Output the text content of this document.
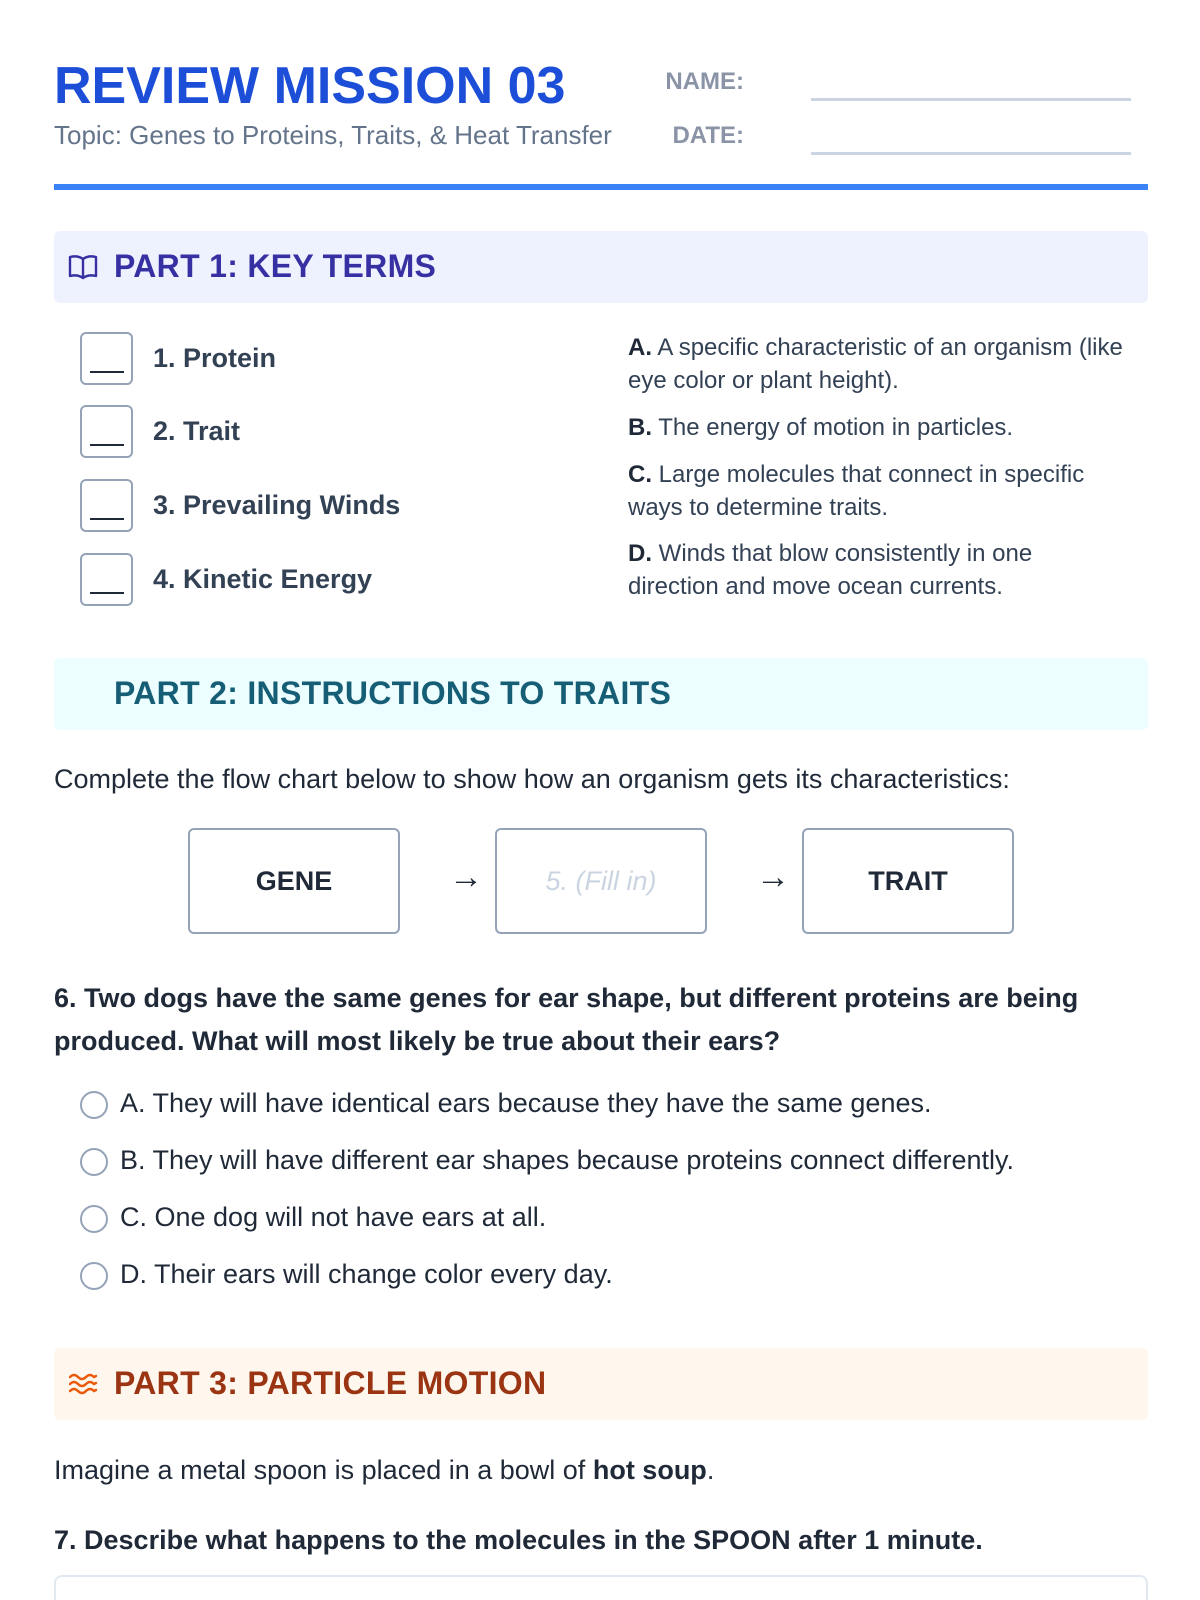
REVIEW MISSION 03
Topic: Genes to Proteins, Traits, & Heat Transfer
NAME:
DATE:
PART 1: KEY TERMS
1. Protein
2. Trait
3. Prevailing Winds
4. Kinetic Energy
A. A specific characteristic of an organism (like eye color or plant height).
B. The energy of motion in particles.
C. Large molecules that connect in specific ways to determine traits.
D. Winds that blow consistently in one direction and move ocean currents.
PART 2: INSTRUCTIONS TO TRAITS
Complete the flow chart below to show how an organism gets its characteristics:
GENE	→	5. (Fill in)	→	TRAIT
6. Two dogs have the same genes for ear shape, but different proteins are being produced. What will most likely be true about their ears?
A. They will have identical ears because they have the same genes.
B. They will have different ear shapes because proteins connect differently.
C. One dog will not have ears at all.
D. Their ears will change color every day.
PART 3: PARTICLE MOTION
Imagine a metal spoon is placed in a bowl of hot soup.
7. Describe what happens to the molecules in the SPOON after 1 minute.
